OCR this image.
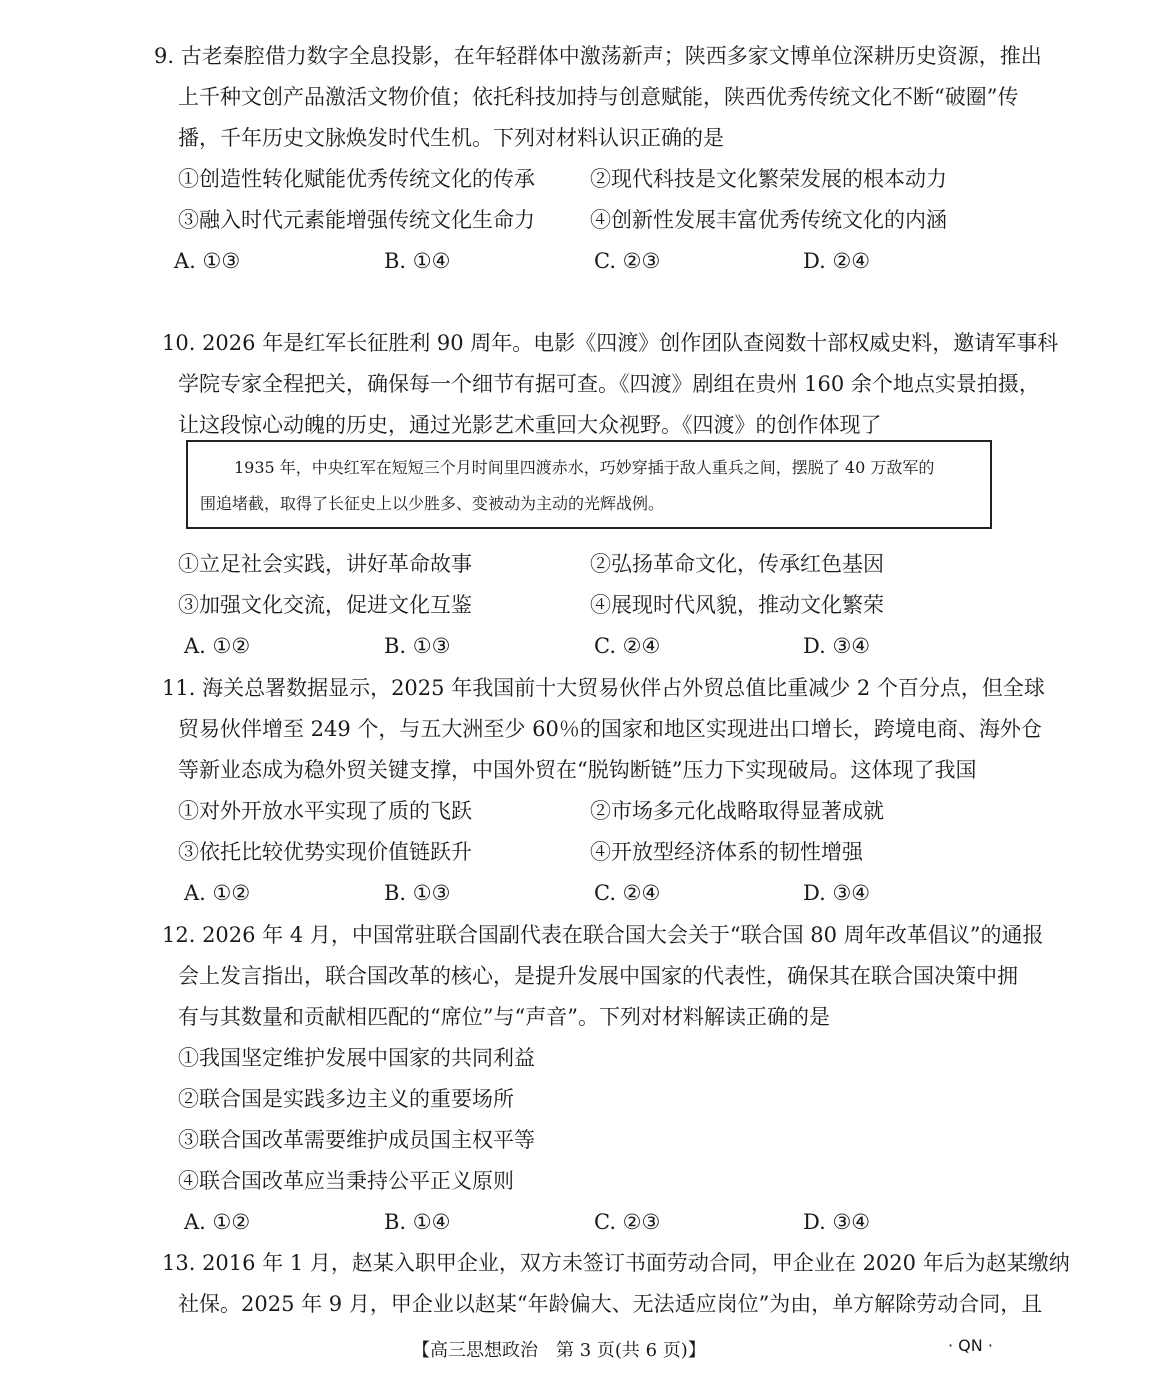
9. 古老秦腔借力数字全息投影，在年轻群体中激荡新声；陕西多家文博单位深耕历史资源，推出
上千种文创产品激活文物价值；依托科技加持与创意赋能，陕西优秀传统文化不断“破圈”传
播，千年历史文脉焕发时代生机。下列对材料认识正确的是
①创造性转化赋能优秀传统文化的传承	②现代科技是文化繁荣发展的根本动力
③融入时代元素能增强传统文化生命力	④创新性发展丰富优秀传统文化的内涵
A. ①③	B. ①④	C. ②③	D. ②④
10. 2026 年是红军长征胜利 90 周年。电影《四渡》创作团队查阅数十部权威史料，邀请军事科
学院专家全程把关，确保每一个细节有据可查。《四渡》剧组在贵州 160 余个地点实景拍摄，
让这段惊心动魄的历史，通过光影艺术重回大众视野。《四渡》的创作体现了
1935 年，中央红军在短短三个月时间里四渡赤水，巧妙穿插于敌人重兵之间，摆脱了 40 万敌军的
围追堵截，取得了长征史上以少胜多、变被动为主动的光辉战例。
①立足社会实践，讲好革命故事	②弘扬革命文化，传承红色基因
③加强文化交流，促进文化互鉴	④展现时代风貌，推动文化繁荣
A. ①②	B. ①③	C. ②④	D. ③④
11. 海关总署数据显示，2025 年我国前十大贸易伙伴占外贸总值比重减少 2 个百分点，但全球
贸易伙伴增至 249 个，与五大洲至少 60％的国家和地区实现进出口增长，跨境电商、海外仓
等新业态成为稳外贸关键支撑，中国外贸在“脱钩断链”压力下实现破局。这体现了我国
①对外开放水平实现了质的飞跃	②市场多元化战略取得显著成就
③依托比较优势实现价值链跃升	④开放型经济体系的韧性增强
A. ①②	B. ①③	C. ②④	D. ③④
12. 2026 年 4 月，中国常驻联合国副代表在联合国大会关于“联合国 80 周年改革倡议”的通报
会上发言指出，联合国改革的核心，是提升发展中国家的代表性，确保其在联合国决策中拥
有与其数量和贡献相匹配的“席位”与“声音”。下列对材料解读正确的是
①我国坚定维护发展中国家的共同利益
②联合国是实践多边主义的重要场所
③联合国改革需要维护成员国主权平等
④联合国改革应当秉持公平正义原则
A. ①②	B. ①④	C. ②③	D. ③④
【高三思想政治　第 3 页(共 6 页)】	· QN ·
13. 2016 年 1 月，赵某入职甲企业，双方未签订书面劳动合同，甲企业在 2020 年后为赵某缴纳
社保。2025 年 9 月，甲企业以赵某“年龄偏大、无法适应岗位”为由，单方解除劳动合同，且
